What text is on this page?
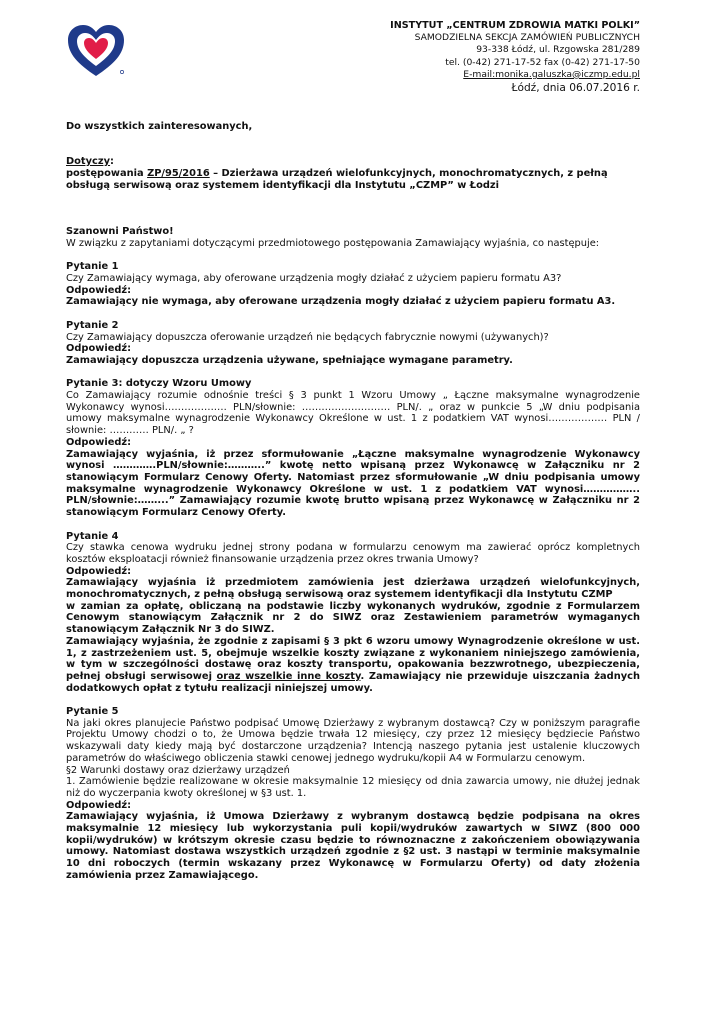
INSTYTUT „CENTRUM ZDROWIA MATKI POLKI”
SAMODZIELNA SEKCJA ZAMÓWIEŃ PUBLICZNYCH
93-338 Łódź, ul. Rzgowska 281/289
tel. (0-42) 271-17-52 fax (0-42) 271-17-50
E-mail:monika.galuszka@iczmp.edu.pl
Łódź, dnia 06.07.2016 r.

Do wszystkich zainteresowanych,

Dotyczy:

postępowania ZP/95/2016 – Dzierżawa urządzeń wielofunkcyjnych, monochromatycznych, z pełną obsługą serwisową oraz systemem identyfikacji dla Instytutu „CZMP” w Łodzi

Szanowni Państwo!

W związku z zapytaniami dotyczącymi przedmiotowego postępowania Zamawiający wyjaśnia, co następuje:

Pytanie 1

Czy Zamawiający wymaga, aby oferowane urządzenia mogły działać z użyciem papieru formatu A3?

Odpowiedź:

Zamawiający nie wymaga, aby oferowane urządzenia mogły działać z użyciem papieru formatu A3.

Pytanie 2

Czy Zamawiający dopuszcza oferowanie urządzeń nie będących fabrycznie nowymi (używanych)?

Odpowiedź:

Zamawiający dopuszcza urządzenia używane, spełniające wymagane parametry.

Pytanie 3: dotyczy Wzoru Umowy

Co Zamawiający rozumie odnośnie treści § 3 punkt 1 Wzoru Umowy „ Łączne maksymalne wynagrodzenie Wykonawcy wynosi………………. PLN/słownie: ……………………… PLN/. „ oraz w punkcie 5 „W dniu podpisania umowy maksymalne wynagrodzenie Wykonawcy Określone w ust. 1 z podatkiem VAT wynosi……………… PLN / słownie: ………… PLN/. „ ?

Odpowiedź:

Zamawiający wyjaśnia, iż przez sformułowanie „Łączne maksymalne wynagrodzenie Wykonawcy wynosi ………….PLN/słownie:………..” kwotę netto wpisaną przez Wykonawcę w Załączniku nr 2 stanowiącym Formularz Cenowy Oferty. Natomiast przez sformułowanie „W dniu podpisania umowy maksymalne wynagrodzenie Wykonawcy Określone w ust. 1 z podatkiem VAT wynosi…………….. PLN/słownie:……...” Zamawiający rozumie kwotę brutto wpisaną przez Wykonawcę w Załączniku nr 2 stanowiącym Formularz Cenowy Oferty.

Pytanie 4

Czy stawka cenowa wydruku jednej strony podana w formularzu cenowym ma zawierać oprócz kompletnych kosztów eksploatacji również finansowanie urządzenia przez okres trwania Umowy?

Odpowiedź:

Zamawiający wyjaśnia iż przedmiotem zamówienia jest dzierżawa urządzeń wielofunkcyjnych, monochromatycznych, z pełną obsługą serwisową oraz systemem identyfikacji dla Instytutu CZMP

w zamian za opłatę, obliczaną na podstawie liczby wykonanych wydruków, zgodnie z Formularzem Cenowym stanowiącym Załącznik nr 2 do SIWZ oraz Zestawieniem parametrów wymaganych stanowiącym Załącznik Nr 3 do SIWZ.

Zamawiający wyjaśnia, że zgodnie z zapisami § 3 pkt 6 wzoru umowy Wynagrodzenie określone w ust. 1, z zastrzeżeniem ust. 5, obejmuje wszelkie koszty związane z wykonaniem niniejszego zamówienia, w tym w szczególności dostawę oraz koszty transportu, opakowania bezzwrotnego, ubezpieczenia, pełnej obsługi serwisowej oraz wszelkie inne koszty. Zamawiający nie przewiduje uiszczania żadnych dodatkowych opłat z tytułu realizacji niniejszej umowy.

Pytanie 5

Na jaki okres planujecie Państwo podpisać Umowę Dzierżawy z wybranym dostawcą? Czy w poniższym paragrafie Projektu Umowy chodzi o to, że Umowa będzie trwała 12 miesięcy, czy przez 12 miesięcy będziecie Państwo wskazywali daty kiedy mają być dostarczone urządzenia? Intencją naszego pytania jest ustalenie kluczowych parametrów do właściwego obliczenia stawki cenowej jednego wydruku/kopii A4 w Formularzu cenowym.

§2 Warunki dostawy oraz dzierżawy urządzeń

1. Zamówienie będzie realizowane w okresie maksymalnie 12 miesięcy od dnia zawarcia umowy, nie dłużej jednak niż do wyczerpania kwoty określonej w §3 ust. 1.

Odpowiedź:

Zamawiający wyjaśnia, iż Umowa Dzierżawy z wybranym dostawcą będzie podpisana na okres maksymalnie 12 miesięcy lub wykorzystania puli kopii/wydruków zawartych w SIWZ (800 000 kopii/wydruków) w krótszym okresie czasu będzie to równoznaczne z zakończeniem obowiązywania umowy. Natomiast dostawa wszystkich urządzeń zgodnie z §2 ust. 3 nastąpi w terminie maksymalnie 10 dni roboczych (termin wskazany przez Wykonawcę w Formularzu Oferty) od daty złożenia zamówienia przez Zamawiającego.
